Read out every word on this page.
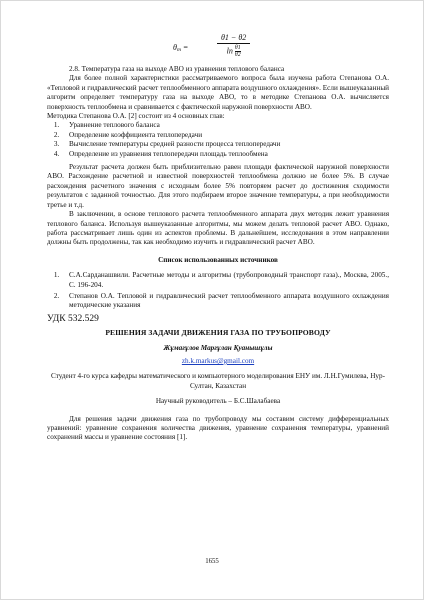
θm =	$\frac{\theta 1 - \theta 2}{\ln \frac{\theta 1}{\theta 2}}$

2.8. Температура газа на выходе АВО из уравнения теплового баланса

Для более полной характеристики рассматриваемого вопроса была изучена работа Степанова О.А. «Тепловой и гидравлический расчет теплообменного аппарата воздушного охлаждения». Если вышеуказанный алгоритм определяет температуру газа на выходе АВО, то в методике Степанова О.А. вычисляется поверхность теплообмена и сравнивается с фактической наружной поверхности АВО.

Методика Степанова О.А. [2] состоит из 4 основных глав:

1. Уравнение теплового баланса
2. Определение коэффициента теплопередачи
3. Вычисление температуры средней разности процесса теплопередачи
4. Определение из уравнения теплопередачи площадь теплообмена

Результат расчета должен быть приблизительно равен площади фактической наружной поверхности АВО. Расхождение расчетной и известной поверхностей теплообмена должно не более 5%. В случае расхождения расчетного значения с исходным более 5% повторяем расчет до достижения сходимости результатов с заданной точностью. Для этого подбираем второе значение температуры, а при необходимости третье и т.д.

В заключении, в основе теплового расчета теплообменного аппарата двух методик лежит уравнения теплового баланса. Используя вышеуказанные алгоритмы, мы можем делать тепловой расчет АВО. Однако, работа рассматривает лишь один из аспектов проблемы. В дальнейшем, исследования в этом направлении должны быть продолжены, так как необходимо изучить и гидравлический расчет АВО.

Список использованных источников

1. С.А.Сарданашвили. Расчетные методы и алгоритмы (трубопроводный транспорт газа)., Москва, 2005., С. 196-204.
2. Степанов О.А. Тепловой и гидравлический расчет теплообменного аппарата воздушного охлаждения методические указания
УДК 532.529

РЕШЕНИЯ ЗАДАЧИ ДВИЖЕНИЯ ГАЗА ПО ТРУБОПРОВОДУ

Жұмағұлов Марғұлан Қуанышұлы

zh.k.markus@gmail.com

Студент 4-го курса кафедры математического и компьютерного моделирования ЕНУ им. Л.Н.Гумилева, Нур-Султан, Казахстан

Научный руководитель – Б.С.Шалабаева

Для решения задачи движения газа по трубопроводу мы составим систему дифференциальных уравнений: уравнение сохранения количества движения, уравнение сохранения температуры, уравнений сохранений массы и уравнение состояния [1].

1655
